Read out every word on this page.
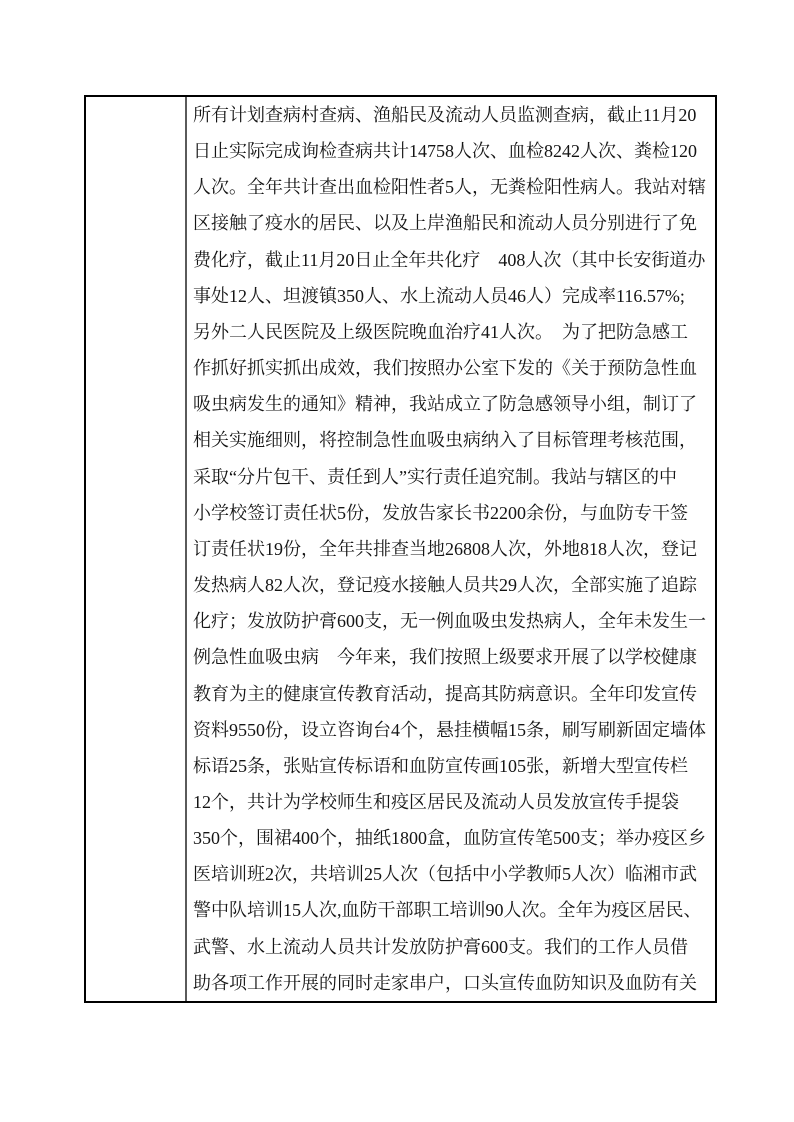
所有计划查病村查病、渔船民及流动人员监测查病，截止11月20
日止实际完成询检查病共计14758人次、血检8242人次、粪检120
人次。全年共计查出血检阳性者5人，无粪检阳性病人。我站对辖
区接触了疫水的居民、以及上岸渔船民和流动人员分别进行了免
费化疗，截止11月20日止全年共化疗　408人次（其中长安街道办
事处12人、坦渡镇350人、水上流动人员46人）完成率116.57%;
另外二人民医院及上级医院晚血治疗41人次。　为了把防急感工
作抓好抓实抓出成效，我们按照办公室下发的《关于预防急性血
吸虫病发生的通知》精神，我站成立了防急感领导小组，制订了
相关实施细则，将控制急性血吸虫病纳入了目标管理考核范围，
采取“分片包干、责任到人”实行责任追究制。我站与辖区的中
小学校签订责任状5份，发放告家长书2200余份，与血防专干签
订责任状19份，全年共排查当地26808人次，外地818人次，登记
发热病人82人次，登记疫水接触人员共29人次，全部实施了追踪
化疗；发放防护膏600支，无一例血吸虫发热病人，全年未发生一
例急性血吸虫病　今年来，我们按照上级要求开展了以学校健康
教育为主的健康宣传教育活动，提高其防病意识。全年印发宣传
资料9550份，设立咨询台4个，悬挂横幅15条，刷写刷新固定墙体
标语25条，张贴宣传标语和血防宣传画105张，新增大型宣传栏
12个，共计为学校师生和疫区居民及流动人员发放宣传手提袋
350个，围裙400个，抽纸1800盒，血防宣传笔500支；举办疫区乡
医培训班2次，共培训25人次（包括中小学教师5人次）临湘市武
警中队培训15人次,血防干部职工培训90人次。全年为疫区居民、
武警、水上流动人员共计发放防护膏600支。我们的工作人员借
助各项工作开展的同时走家串户，口头宣传血防知识及血防有关
